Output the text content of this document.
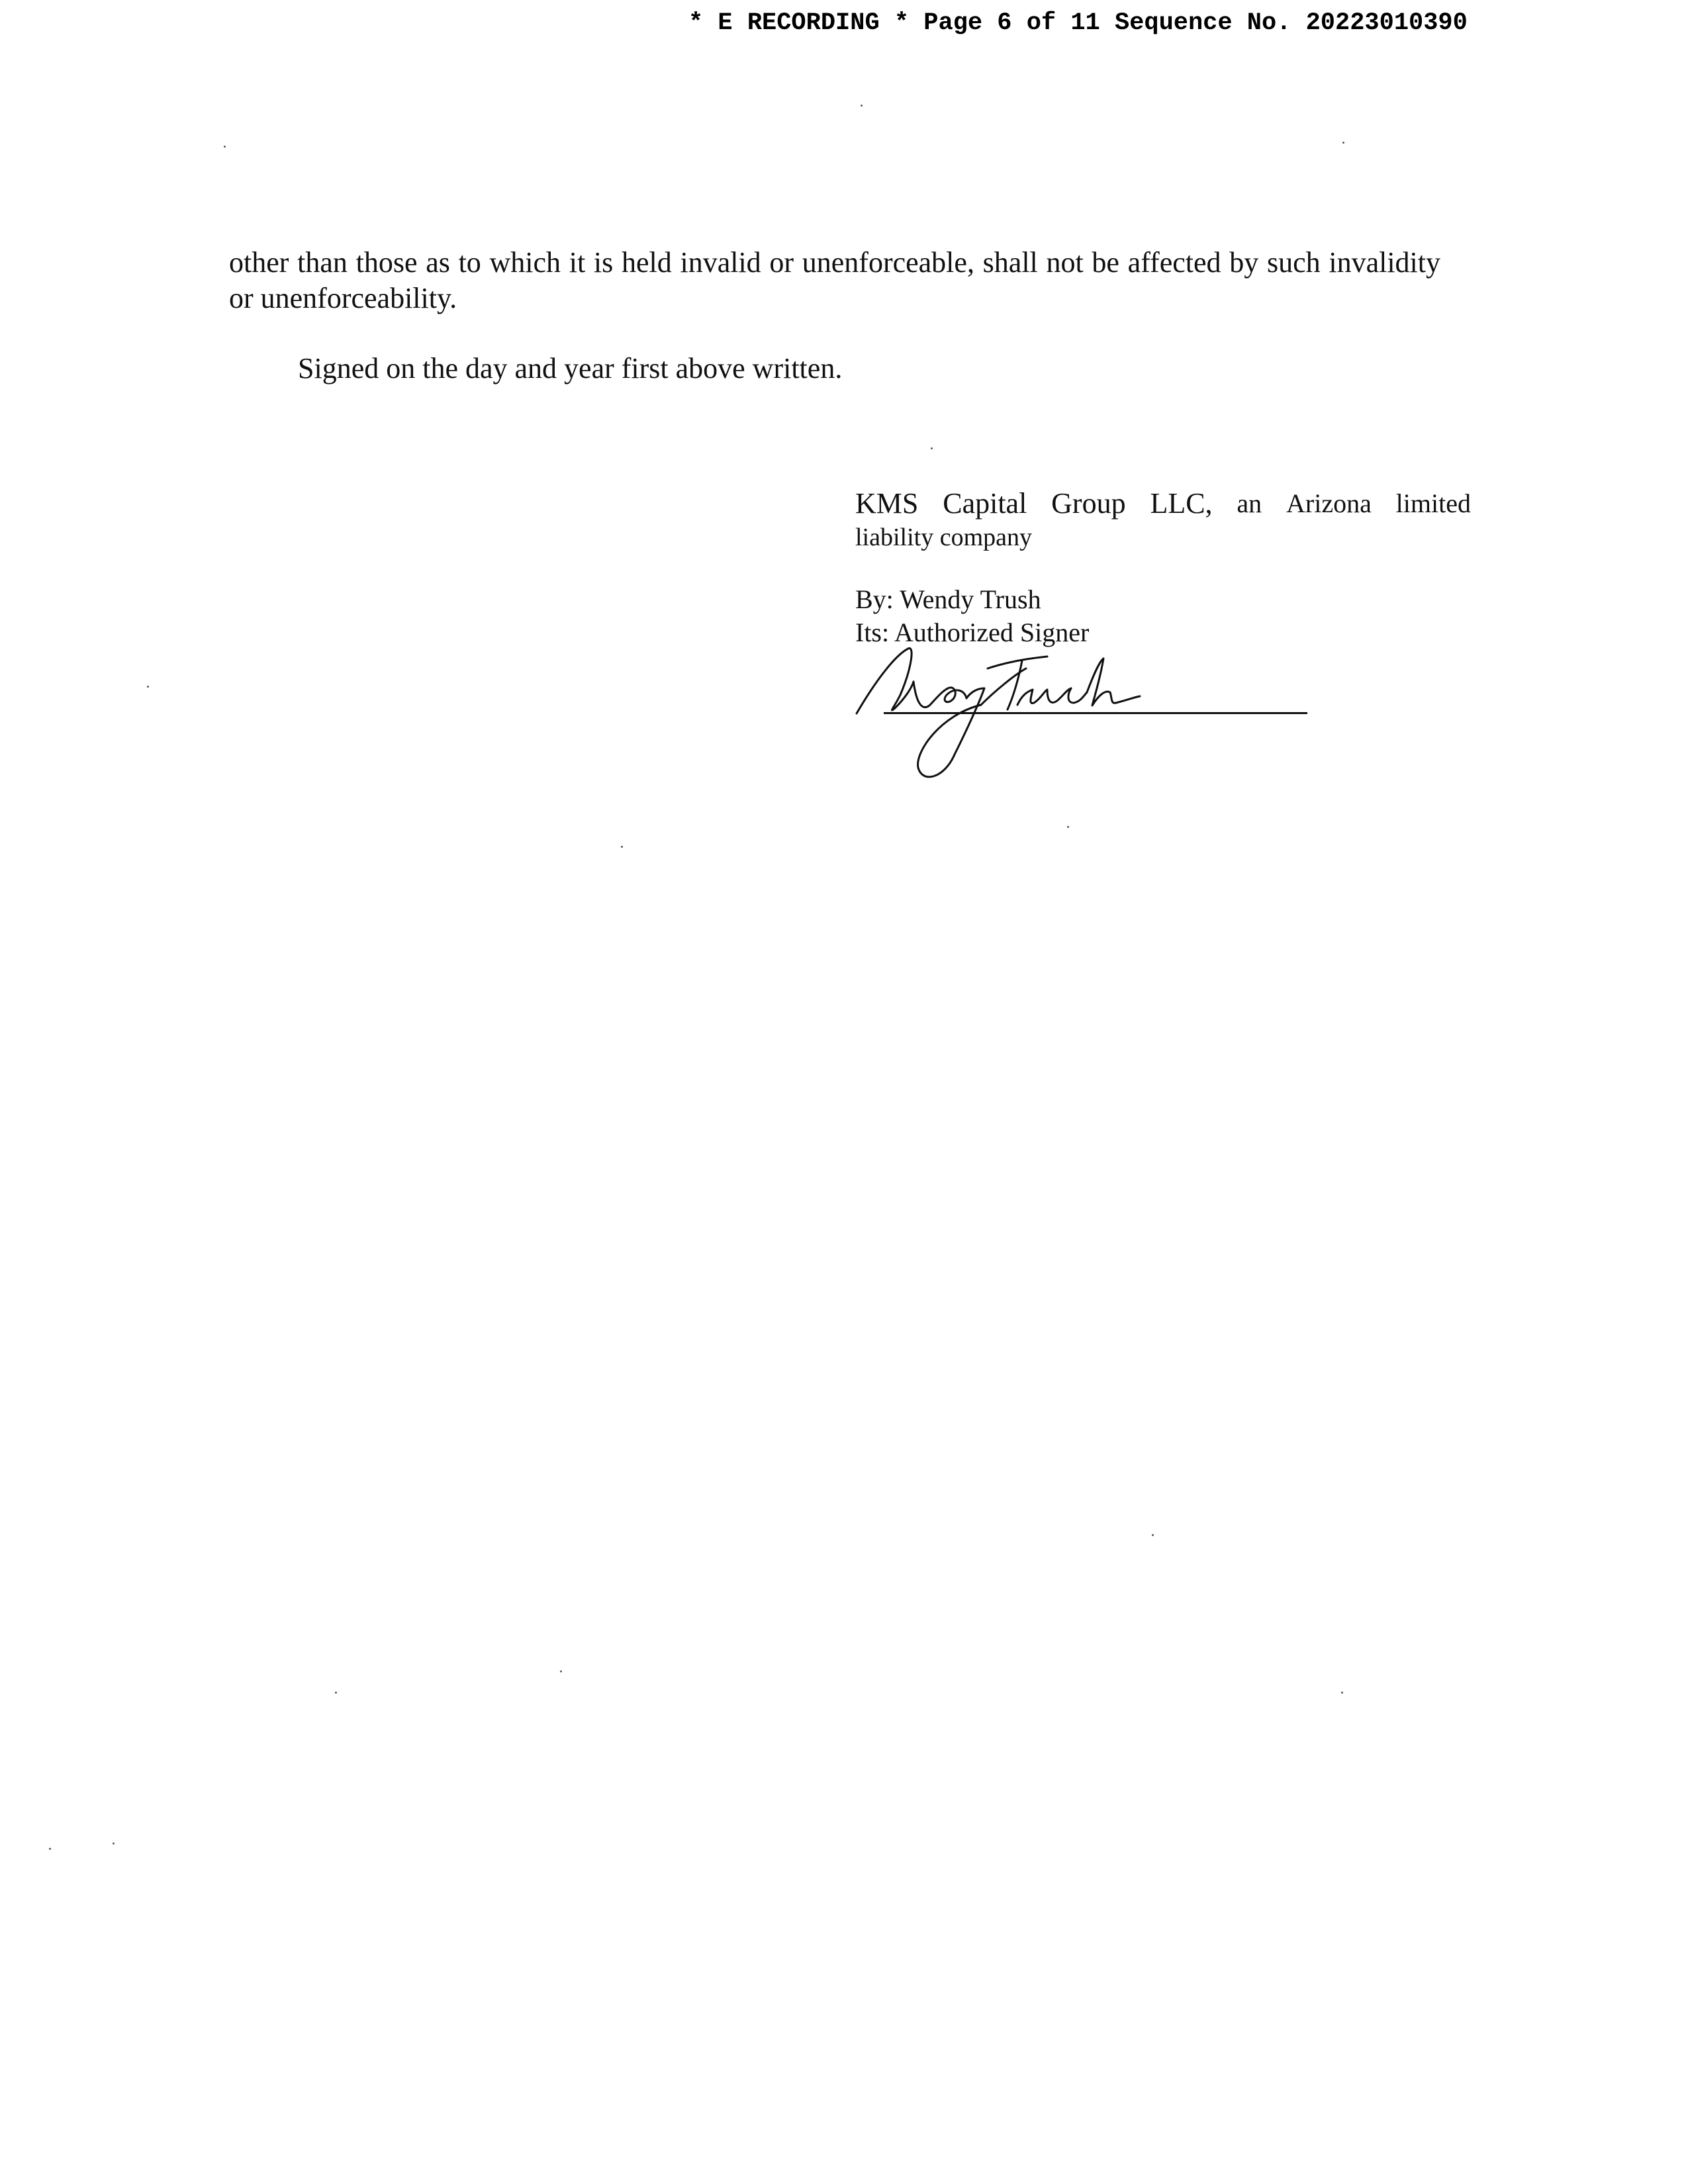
* E RECORDING * Page 6 of 11 Sequence No. 20223010390
other than those as to which it is held invalid or unenforceable, shall not be affected by such invalidity or unenforceability.
Signed on the day and year first above written.
KMS Capital Group LLC, an Arizona limited
liability company
By: Wendy Trush
Its: Authorized Signer
